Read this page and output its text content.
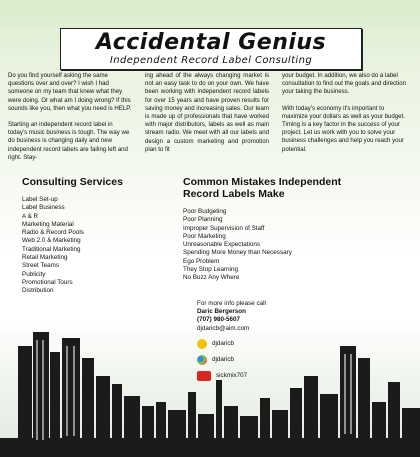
Accidental Genius
Independent Record Label Consulting

Do you find yourself asking the same questions over and over? I wish I had someone on my team that knew what they were doing. Or what am I doing wrong? If this sounds like you, then what you need is HELP.

Starting an independent record label in today's music business is tough. The way we do business is changing daily and new independent record labels are failing left and right. Stay-

ing ahead of the always changing market is not an easy task to do on your own. We have been working with independent record labels for over 15 years and have proven results for saving money and increasing sales. Our team is made up of professionals that have worked with major distributors, labels as well as main stream radio. We meet with all our labels and design a custom marketing and promotion plan to fit

your budget. In addition, we also do a label consultation to find out the goals and direction your taking the business.

With today's economy it's important to maximize your dollars as well as your budget. Timing is a key factor in the success of your project. Let us work with you to solve your business challenges and help you reach your potential.

Consulting Services
Label Set-up
Label Business
A & R
Marketing Material
Radio & Record Pools
Web 2.0 & Marketing
Traditional Marketing
Retail Marketing
Street Teams
Publicity
Promotional Tours
Distribution
Common Mistakes Independent
Record Labels Make
Poor Budgeting
Poor Planning
Improper Supervision of Staff
Poor Marketing
Unreasonable Expectations
Spending More Money than Necessary
Ego Problem
They Stop Learning
No Buzz Any Where
For more info please call
Daric Bergerson
(707) 980-5607
djdaricb@aim.com
djdaricb
djdaricb
sickmix707
